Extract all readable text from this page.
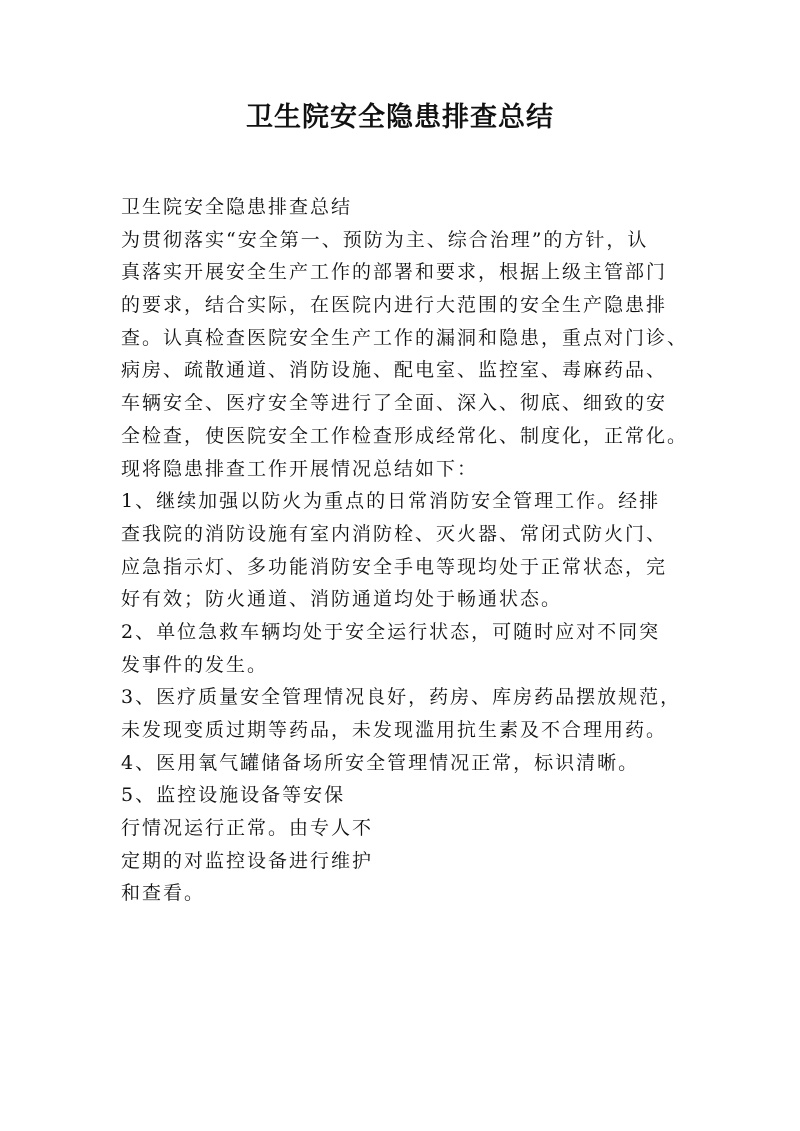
卫生院安全隐患排查总结

卫生院安全隐患排查总结

为贯彻落实“安全第一、预防为主、综合治理”的方针，认

真落实开展安全生产工作的部署和要求，根据上级主管部门

的要求，结合实际，在医院内进行大范围的安全生产隐患排

查。认真检查医院安全生产工作的漏洞和隐患，重点对门诊、

病房、疏散通道、消防设施、配电室、监控室、毒麻药品、

车辆安全、医疗安全等进行了全面、深入、彻底、细致的安

全检查，使医院安全工作检查形成经常化、制度化，正常化。

现将隐患排查工作开展情况总结如下：

1、继续加强以防火为重点的日常消防安全管理工作。经排

查我院的消防设施有室内消防栓、灭火器、常闭式防火门、

应急指示灯、多功能消防安全手电等现均处于正常状态，完

好有效；防火通道、消防通道均处于畅通状态。

2、单位急救车辆均处于安全运行状态，可随时应对不同突

发事件的发生。

3、医疗质量安全管理情况良好，药房、库房药品摆放规范，

未发现变质过期等药品，未发现滥用抗生素及不合理用药。

4、医用氧气罐储备场所安全管理情况正常，标识清晰。

5、监控设施设备等安保

行情况运行正常。由专人不

定期的对监控设备进行维护

和查看。
